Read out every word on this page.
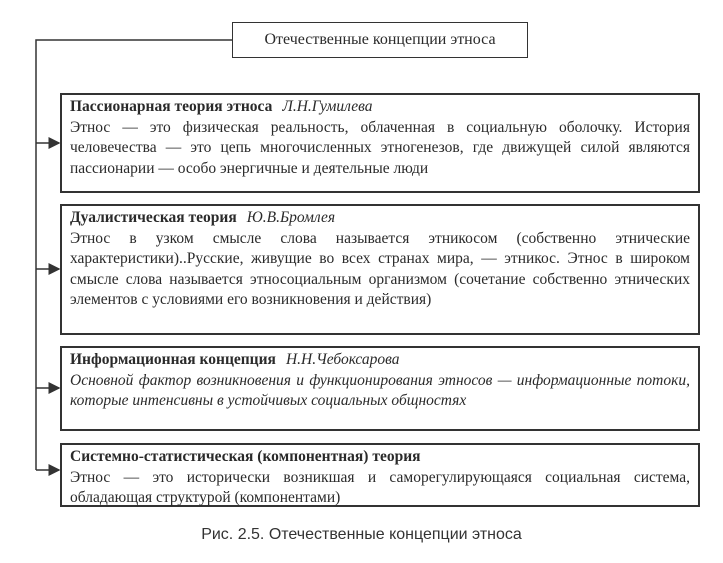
Отечественные концепции этноса
Пассионарная теория этноса Л.Н.Гумилева
Этнос — это физическая реальность, облаченная в социальную оболочку. История человечества — это цепь многочисленных этногенезов, где движущей силой являются пассионарии — особо энергичные и деятельные люди
Дуалистическая теория Ю.В.Бромлея
Этнос в узком смысле слова называется этникосом (собственно этнические характеристики)..Русские, живущие во всех странах мира, — этникос. Этнос в широком смысле слова называется этносоциальным организмом (сочетание собственно этнических элементов с условиями его возникновения и действия)
Информационная концепция Н.Н.Чебоксарова
Основной фактор возникновения и функционирования этносов — информационные потоки, которые интенсивны в устойчивых социальных общностях
Системно-статистическая (компонентная) теория
Этнос — это исторически возникшая и саморегулирующаяся социальная система, обладающая структурой (компонентами)
Рис. 2.5. Отечественные концепции этноса
